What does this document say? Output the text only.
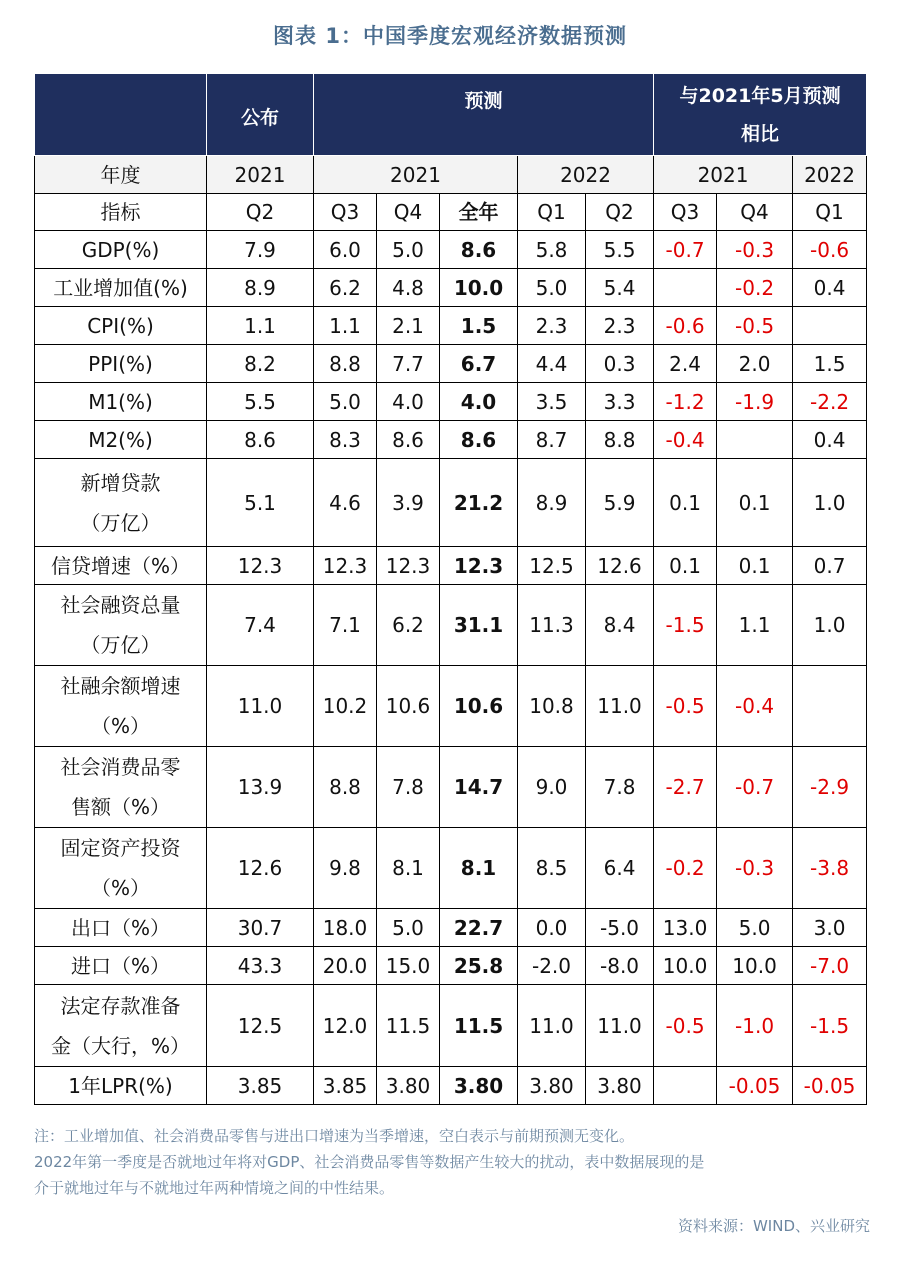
图表 1：中国季度宏观经济数据预测
	公布	预测					与2021年5月预测
相比		

年度	2021	2021			2022		2021		2022
指标	Q2	Q3	Q4	全年	Q1	Q2	Q3	Q4	Q1

GDP(%)	7.9	6.0	5.0	8.6	5.8	5.5	-0.7	-0.3	-0.6

工业增加值(%)	8.9	6.2	4.8	10.0	5.0	5.4		-0.2	0.4

CPI(%)	1.1	1.1	2.1	1.5	2.3	2.3	-0.6	-0.5	

PPI(%)	8.2	8.8	7.7	6.7	4.4	0.3	2.4	2.0	1.5

M1(%)	5.5	5.0	4.0	4.0	3.5	3.3	-1.2	-1.9	-2.2

M2(%)	8.6	8.3	8.6	8.6	8.7	8.8	-0.4		0.4

新增贷款
（万亿）	5.1	4.6	3.9	21.2	8.9	5.9	0.1	0.1	1.0

信贷增速（%）	12.3	12.3	12.3	12.3	12.5	12.6	0.1	0.1	0.7

社会融资总量
（万亿）	7.4	7.1	6.2	31.1	11.3	8.4	-1.5	1.1	1.0

社融余额增速
（%）	11.0	10.2	10.6	10.6	10.8	11.0	-0.5	-0.4	

社会消费品零
售额（%）	13.9	8.8	7.8	14.7	9.0	7.8	-2.7	-0.7	-2.9

固定资产投资
（%）	12.6	9.8	8.1	8.1	8.5	6.4	-0.2	-0.3	-3.8

出口（%）	30.7	18.0	5.0	22.7	0.0	-5.0	13.0	5.0	3.0

进口（%）	43.3	20.0	15.0	25.8	-2.0	-8.0	10.0	10.0	-7.0

法定存款准备
金（大行，%）	12.5	12.0	11.5	11.5	11.0	11.0	-0.5	-1.0	-1.5

1年LPR(%)	3.85	3.85	3.80	3.80	3.80	3.80		-0.05	-0.05
注：工业增加值、社会消费品零售与进出口增速为当季增速，空白表示与前期预测无变化。
2022年第一季度是否就地过年将对GDP、社会消费品零售等数据产生较大的扰动，表中数据展现的是
介于就地过年与不就地过年两种情境之间的中性结果。
资料来源：WIND、兴业研究
